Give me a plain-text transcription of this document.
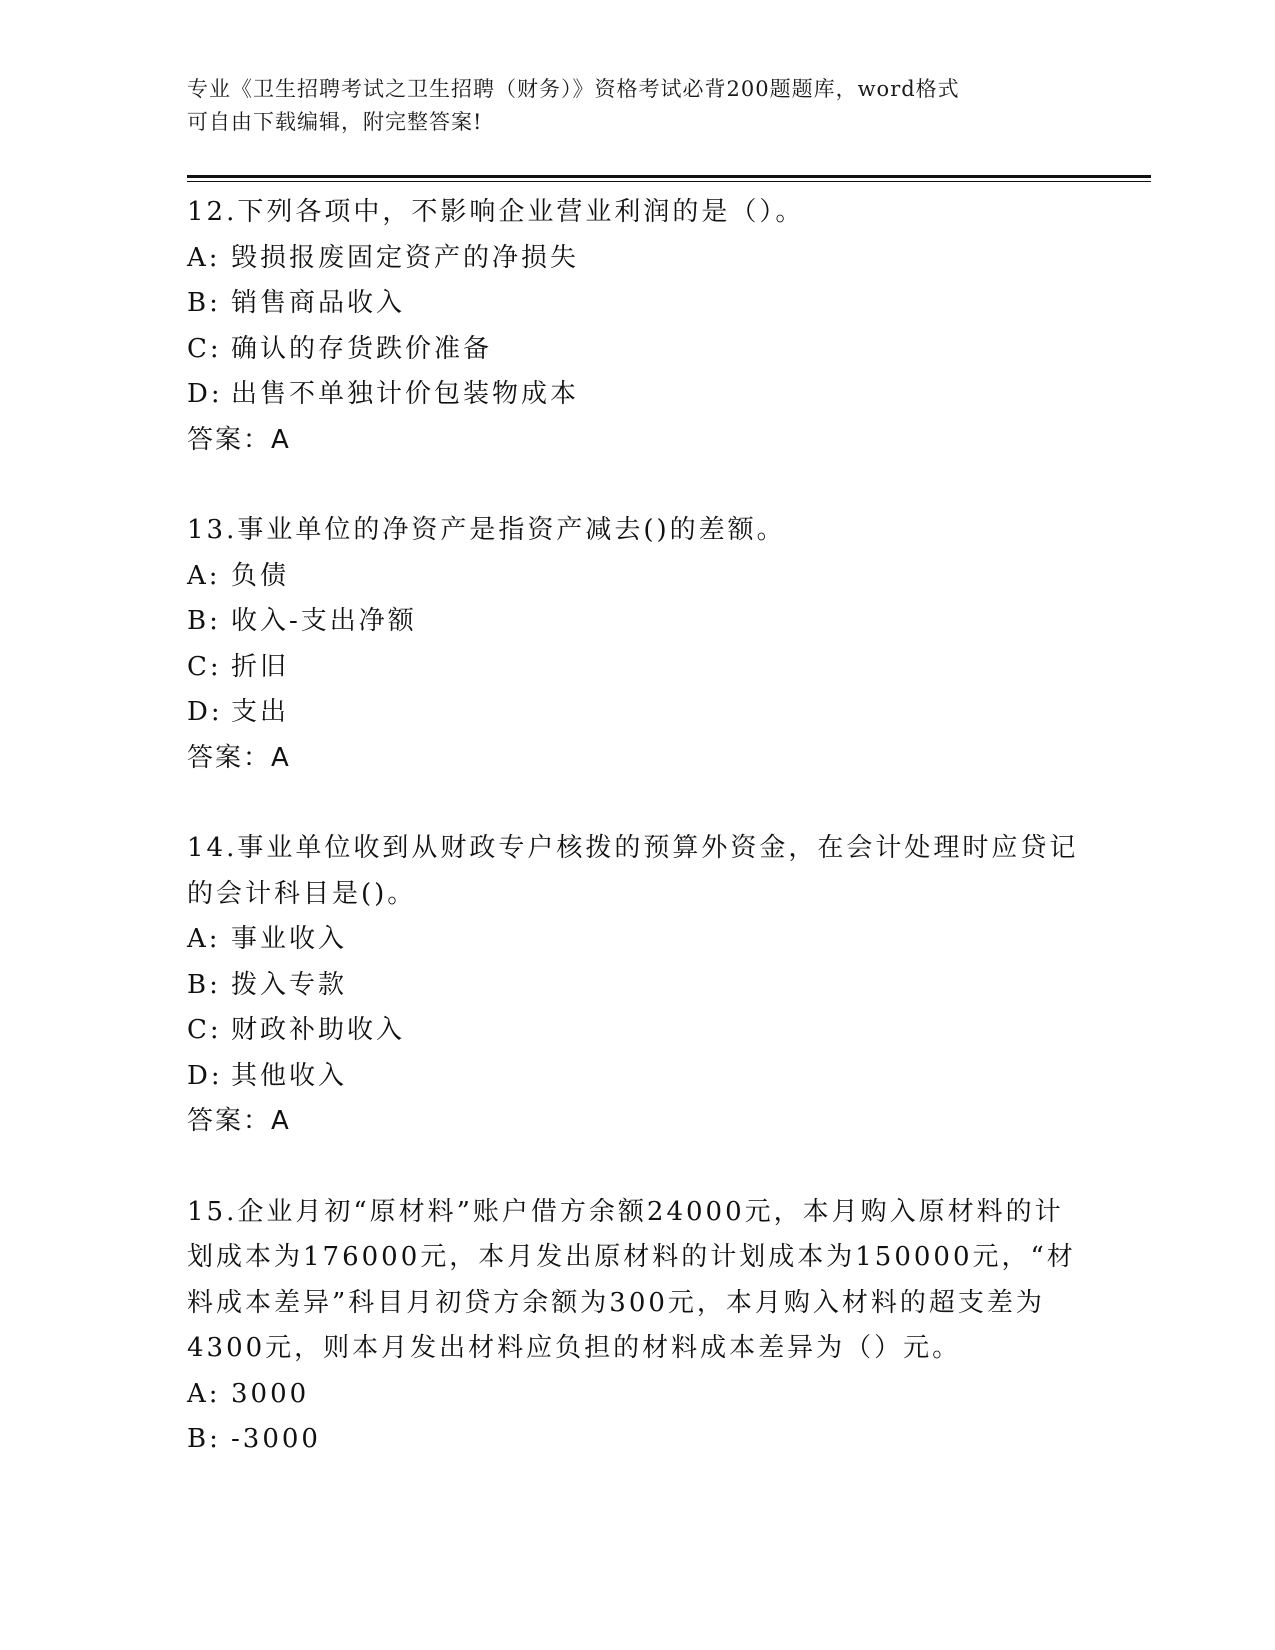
专业《卫生招聘考试之卫生招聘（财务）》资格考试必背200题题库，word格式
可自由下载编辑，附完整答案!
12.下列各项中，不影响企业营业利润的是（）。
A: 毁损报废固定资产的净损失
B: 销售商品收入
C: 确认的存货跌价准备
D: 出售不单独计价包装物成本
答案：A
13.事业单位的净资产是指资产减去()的差额。
A: 负债
B: 收入-支出净额
C: 折旧
D: 支出
答案：A
14.事业单位收到从财政专户核拨的预算外资金，在会计处理时应贷记
的会计科目是()。
A: 事业收入
B: 拨入专款
C: 财政补助收入
D: 其他收入
答案：A
15.企业月初“原材料”账户借方余额24000元，本月购入原材料的计
划成本为176000元，本月发出原材料的计划成本为150000元，“材
料成本差异”科目月初贷方余额为300元，本月购入材料的超支差为
4300元，则本月发出材料应负担的材料成本差异为（）元。
A: 3000
B: -3000
